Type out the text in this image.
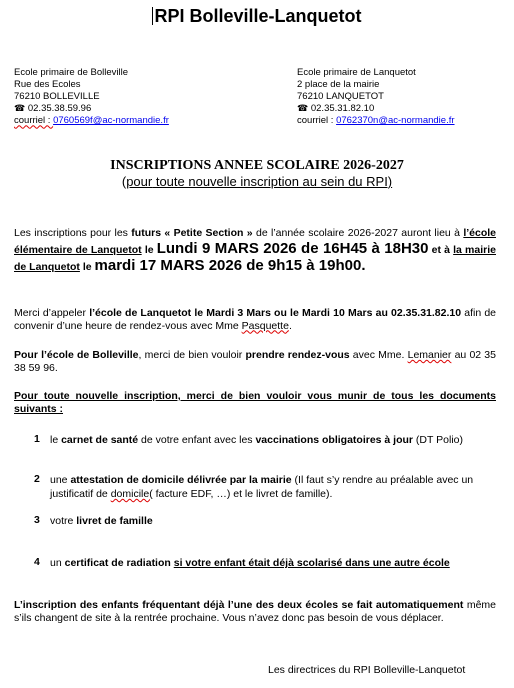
RPI Bolleville-Lanquetot
Ecole primaire de Bolleville
Rue des Ecoles
76210 BOLLEVILLE
☎ 02.35.38.59.96
courriel : 0760569f@ac-normandie.fr
Ecole primaire de Lanquetot
2 place de la mairie
76210 LANQUETOT
☎ 02.35.31.82.10
courriel : 0762370n@ac-normandie.fr
INSCRIPTIONS ANNEE SCOLAIRE 2026-2027
(pour toute nouvelle inscription au sein du RPI)
Les inscriptions pour les futurs « Petite Section » de l’année scolaire 2026-2027 auront lieu à l’école élémentaire de Lanquetot le Lundi 9 MARS 2026 de 16H45 à 18H30 et à la mairie de Lanquetot le mardi 17 MARS 2026 de 9h15 à 19h00.
Merci d’appeler l’école de Lanquetot le Mardi 3 Mars ou le Mardi 10 Mars au 02.35.31.82.10 afin de convenir d’une heure de rendez-vous avec Mme Pasquette.
Pour l’école de Bolleville, merci de bien vouloir prendre rendez-vous avec Mme. Lemanier au 02 35 38 59 96.
Pour toute nouvelle inscription, merci de bien vouloir vous munir de tous les documents suivants :
1 le carnet de santé de votre enfant avec les vaccinations obligatoires à jour (DT Polio)
2 une attestation de domicile délivrée par la mairie (Il faut s’y rendre au préalable avec un justificatif de domicile( facture EDF, …) et le livret de famille).
3 votre livret de famille
4 un certificat de radiation si votre enfant était déjà scolarisé dans une autre école
L’inscription des enfants fréquentant déjà l’une des deux écoles se fait automatiquement même s’ils changent de site à la rentrée prochaine. Vous n’avez donc pas besoin de vous déplacer.
Les directrices du RPI Bolleville-Lanquetot
